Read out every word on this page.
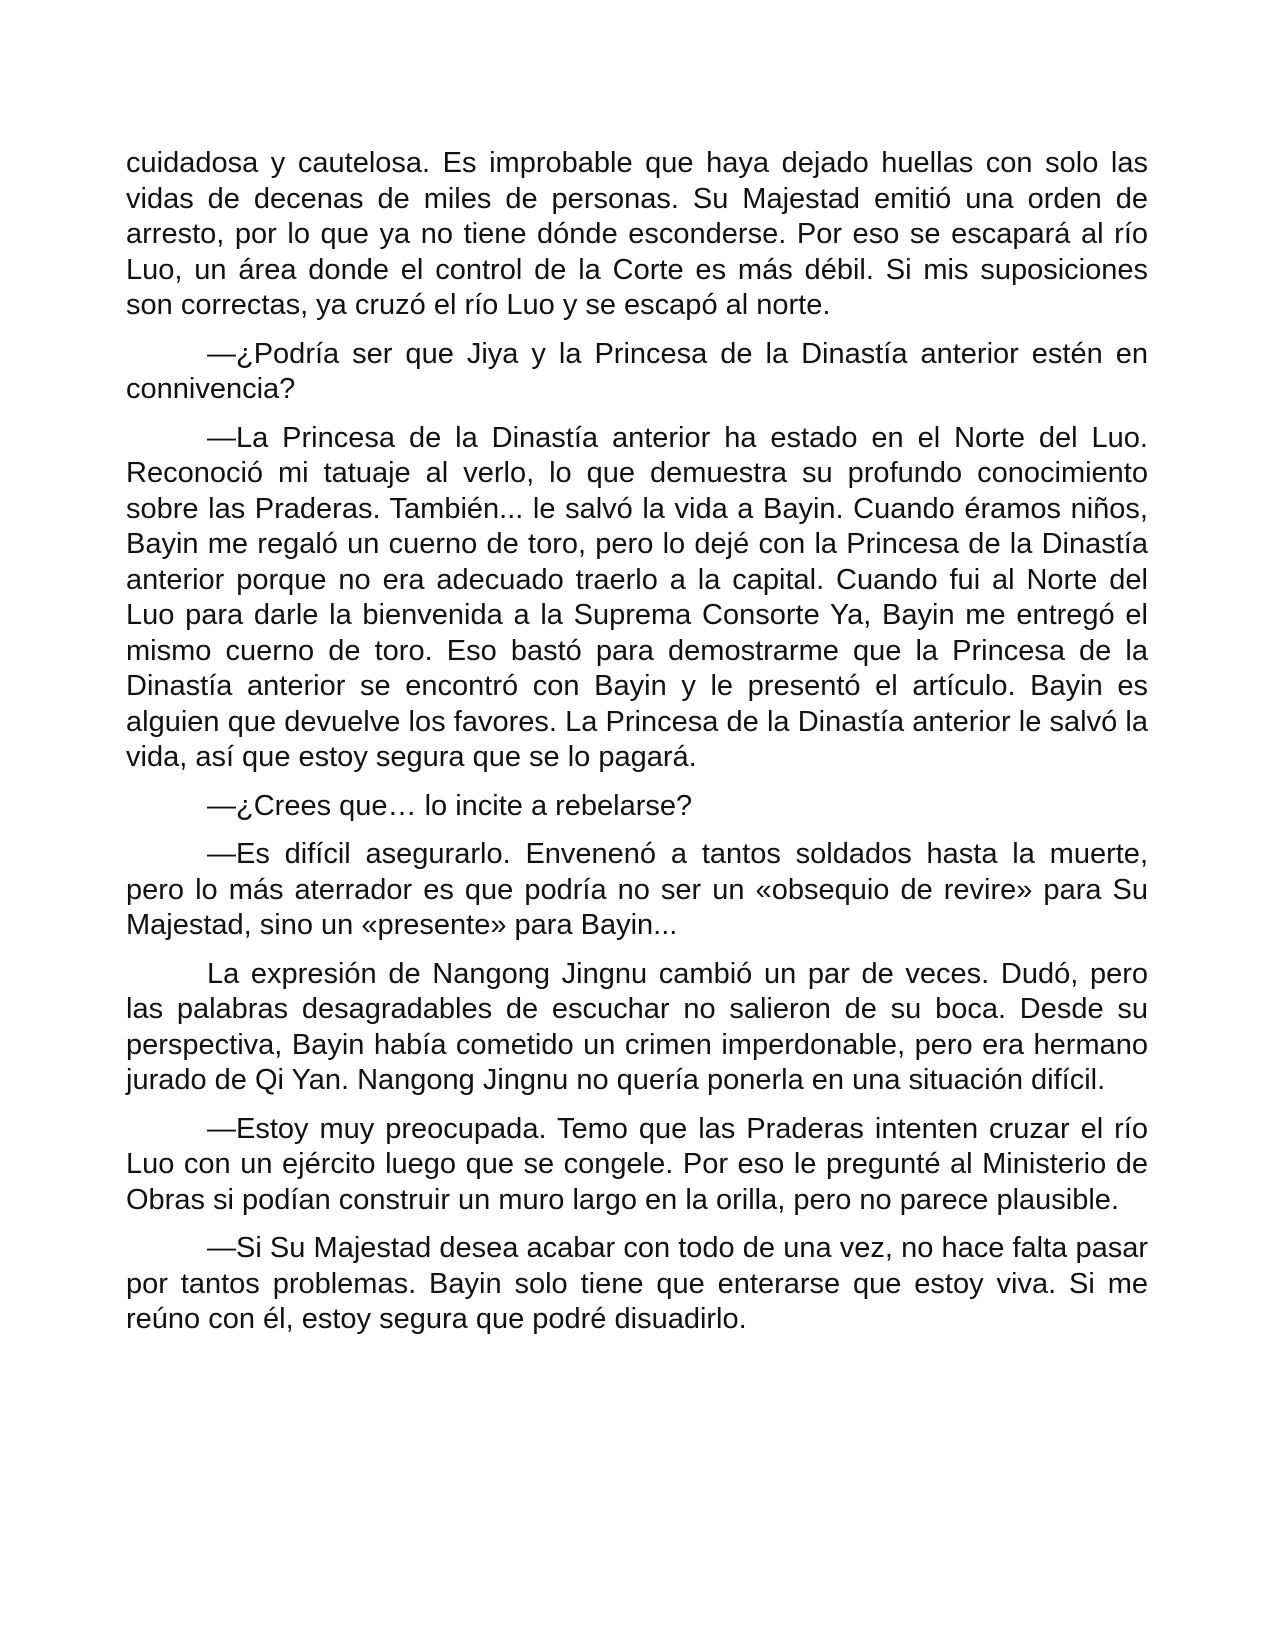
cuidadosa y cautelosa. Es improbable que haya dejado huellas con solo las vidas de decenas de miles de personas. Su Majestad emitió una orden de arresto, por lo que ya no tiene dónde esconderse. Por eso se escapará al río Luo, un área donde el control de la Corte es más débil. Si mis suposiciones son correctas, ya cruzó el río Luo y se escapó al norte.

—¿Podría ser que Jiya y la Princesa de la Dinastía anterior estén en connivencia?

—La Princesa de la Dinastía anterior ha estado en el Norte del Luo. Reconoció mi tatuaje al verlo, lo que demuestra su profundo conocimiento sobre las Praderas. También... le salvó la vida a Bayin. Cuando éramos niños, Bayin me regaló un cuerno de toro, pero lo dejé con la Princesa de la Dinastía anterior porque no era adecuado traerlo a la capital. Cuando fui al Norte del Luo para darle la bienvenida a la Suprema Consorte Ya, Bayin me entregó el mismo cuerno de toro. Eso bastó para demostrarme que la Princesa de la Dinastía anterior se encontró con Bayin y le presentó el artículo. Bayin es alguien que devuelve los favores. La Princesa de la Dinastía anterior le salvó la vida, así que estoy segura que se lo pagará.

—¿Crees que… lo incite a rebelarse?

—Es difícil asegurarlo. Envenenó a tantos soldados hasta la muerte, pero lo más aterrador es que podría no ser un «obsequio de revire» para Su Majestad, sino un «presente» para Bayin...

La expresión de Nangong Jingnu cambió un par de veces. Dudó, pero las palabras desagradables de escuchar no salieron de su boca. Desde su perspectiva, Bayin había cometido un crimen imperdonable, pero era hermano jurado de Qi Yan. Nangong Jingnu no quería ponerla en una situación difícil.

—Estoy muy preocupada. Temo que las Praderas intenten cruzar el río Luo con un ejército luego que se congele. Por eso le pregunté al Ministerio de Obras si podían construir un muro largo en la orilla, pero no parece plausible.

—Si Su Majestad desea acabar con todo de una vez, no hace falta pasar por tantos problemas. Bayin solo tiene que enterarse que estoy viva. Si me reúno con él, estoy segura que podré disuadirlo.
